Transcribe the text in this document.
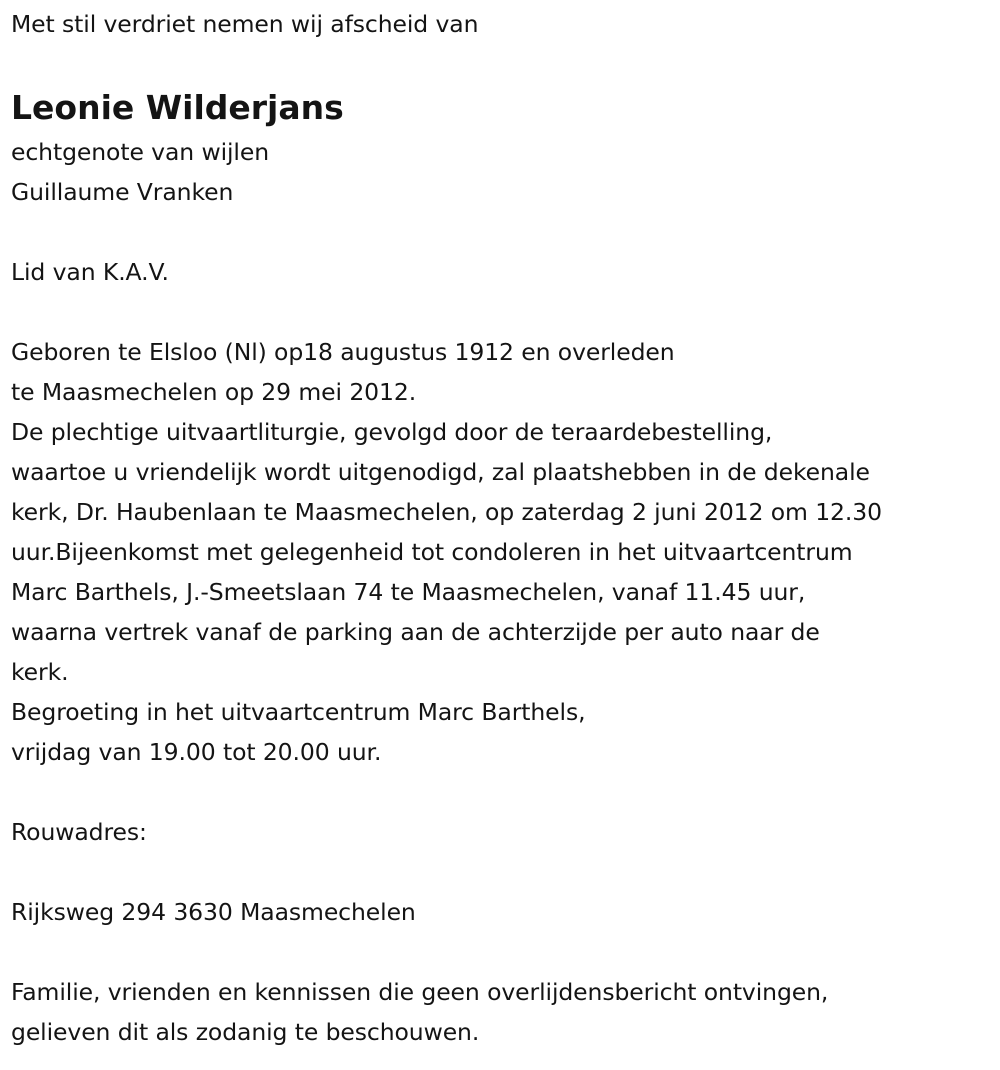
Met stil verdriet nemen wij afscheid van
Leonie Wilderjans
echtgenote van wijlen
Guillaume Vranken
Lid van K.A.V.
Geboren te Elsloo (Nl) op18 augustus 1912 en overleden
te Maasmechelen op 29 mei 2012.
De plechtige uitvaartliturgie, gevolgd door de teraardebestelling,
waartoe u vriendelijk wordt uitgenodigd, zal plaatshebben in de dekenale
kerk, Dr. Haubenlaan te Maasmechelen, op zaterdag 2 juni 2012 om 12.30
uur.Bijeenkomst met gelegenheid tot condoleren in het uitvaartcentrum
Marc Barthels, J.-Smeetslaan 74 te Maasmechelen, vanaf 11.45 uur,
waarna vertrek vanaf de parking aan de achterzijde per auto naar de
kerk.
Begroeting in het uitvaartcentrum Marc Barthels,
vrijdag van 19.00 tot 20.00 uur.
Rouwadres:
Rijksweg 294 3630 Maasmechelen
Familie, vrienden en kennissen die geen overlijdensbericht ontvingen,
gelieven dit als zodanig te beschouwen.
